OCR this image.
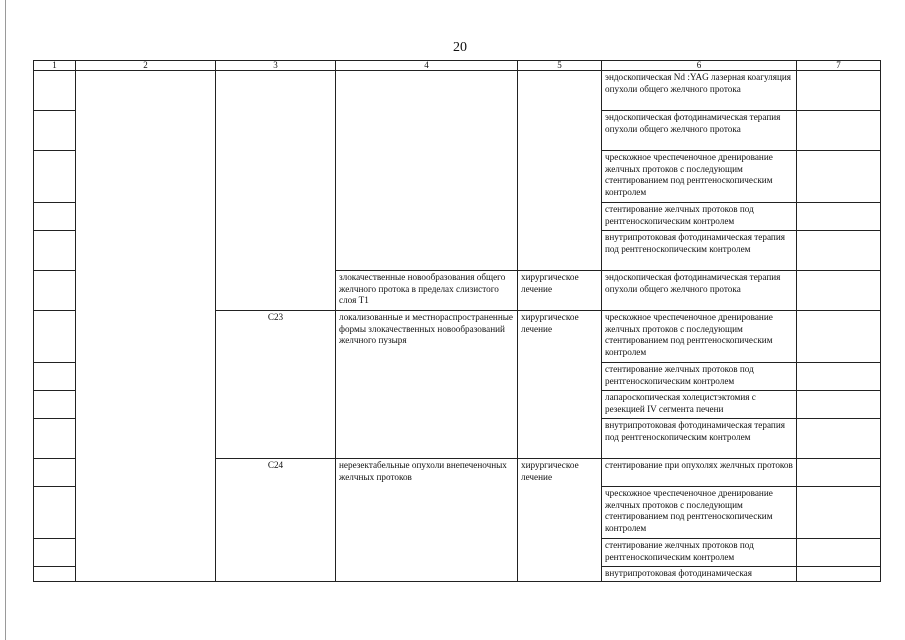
20
1	2	3	4	5	6	7
					эндоскопическая Nd :YAG лазерная коагуляция опухоли общего желчного протока	
					эндоскопическая фотодинамическая терапия опухоли общего желчного протока	
					чрескожное чреспеченочное дренирование желчных протоков с последующим стентированием под рентгеноскопическим контролем	
					стентирование желчных протоков под рентгеноскопическим контролем	
					внутрипротоковая фотодинамическая терапия под рентгеноскопическим контролем	
			злокачественные новообразования общего желчного протока в пределах слизистого слоя T1	хирургическое лечение	эндоскопическая фотодинамическая терапия опухоли общего желчного протока	
		C23	локализованные и местнораспространенные формы злокачественных новообразований желчного пузыря	хирургическое лечение	чрескожное чреспеченочное дренирование желчных протоков с последующим стентированием под рентгеноскопическим контролем	
					стентирование желчных протоков под рентгеноскопическим контролем	
					лапароскопическая холецистэктомия с резекцией IV сегмента печени	
					внутрипротоковая фотодинамическая терапия под рентгеноскопическим контролем	
		C24	нерезектабельные опухоли внепеченочных желчных протоков	хирургическое лечение	стентирование при опухолях желчных протоков	
					чрескожное чреспеченочное дренирование желчных протоков с последующим стентированием под рентгеноскопическим контролем	
					стентирование желчных протоков под рентгеноскопическим контролем	
					внутрипротоковая фотодинамическая	
